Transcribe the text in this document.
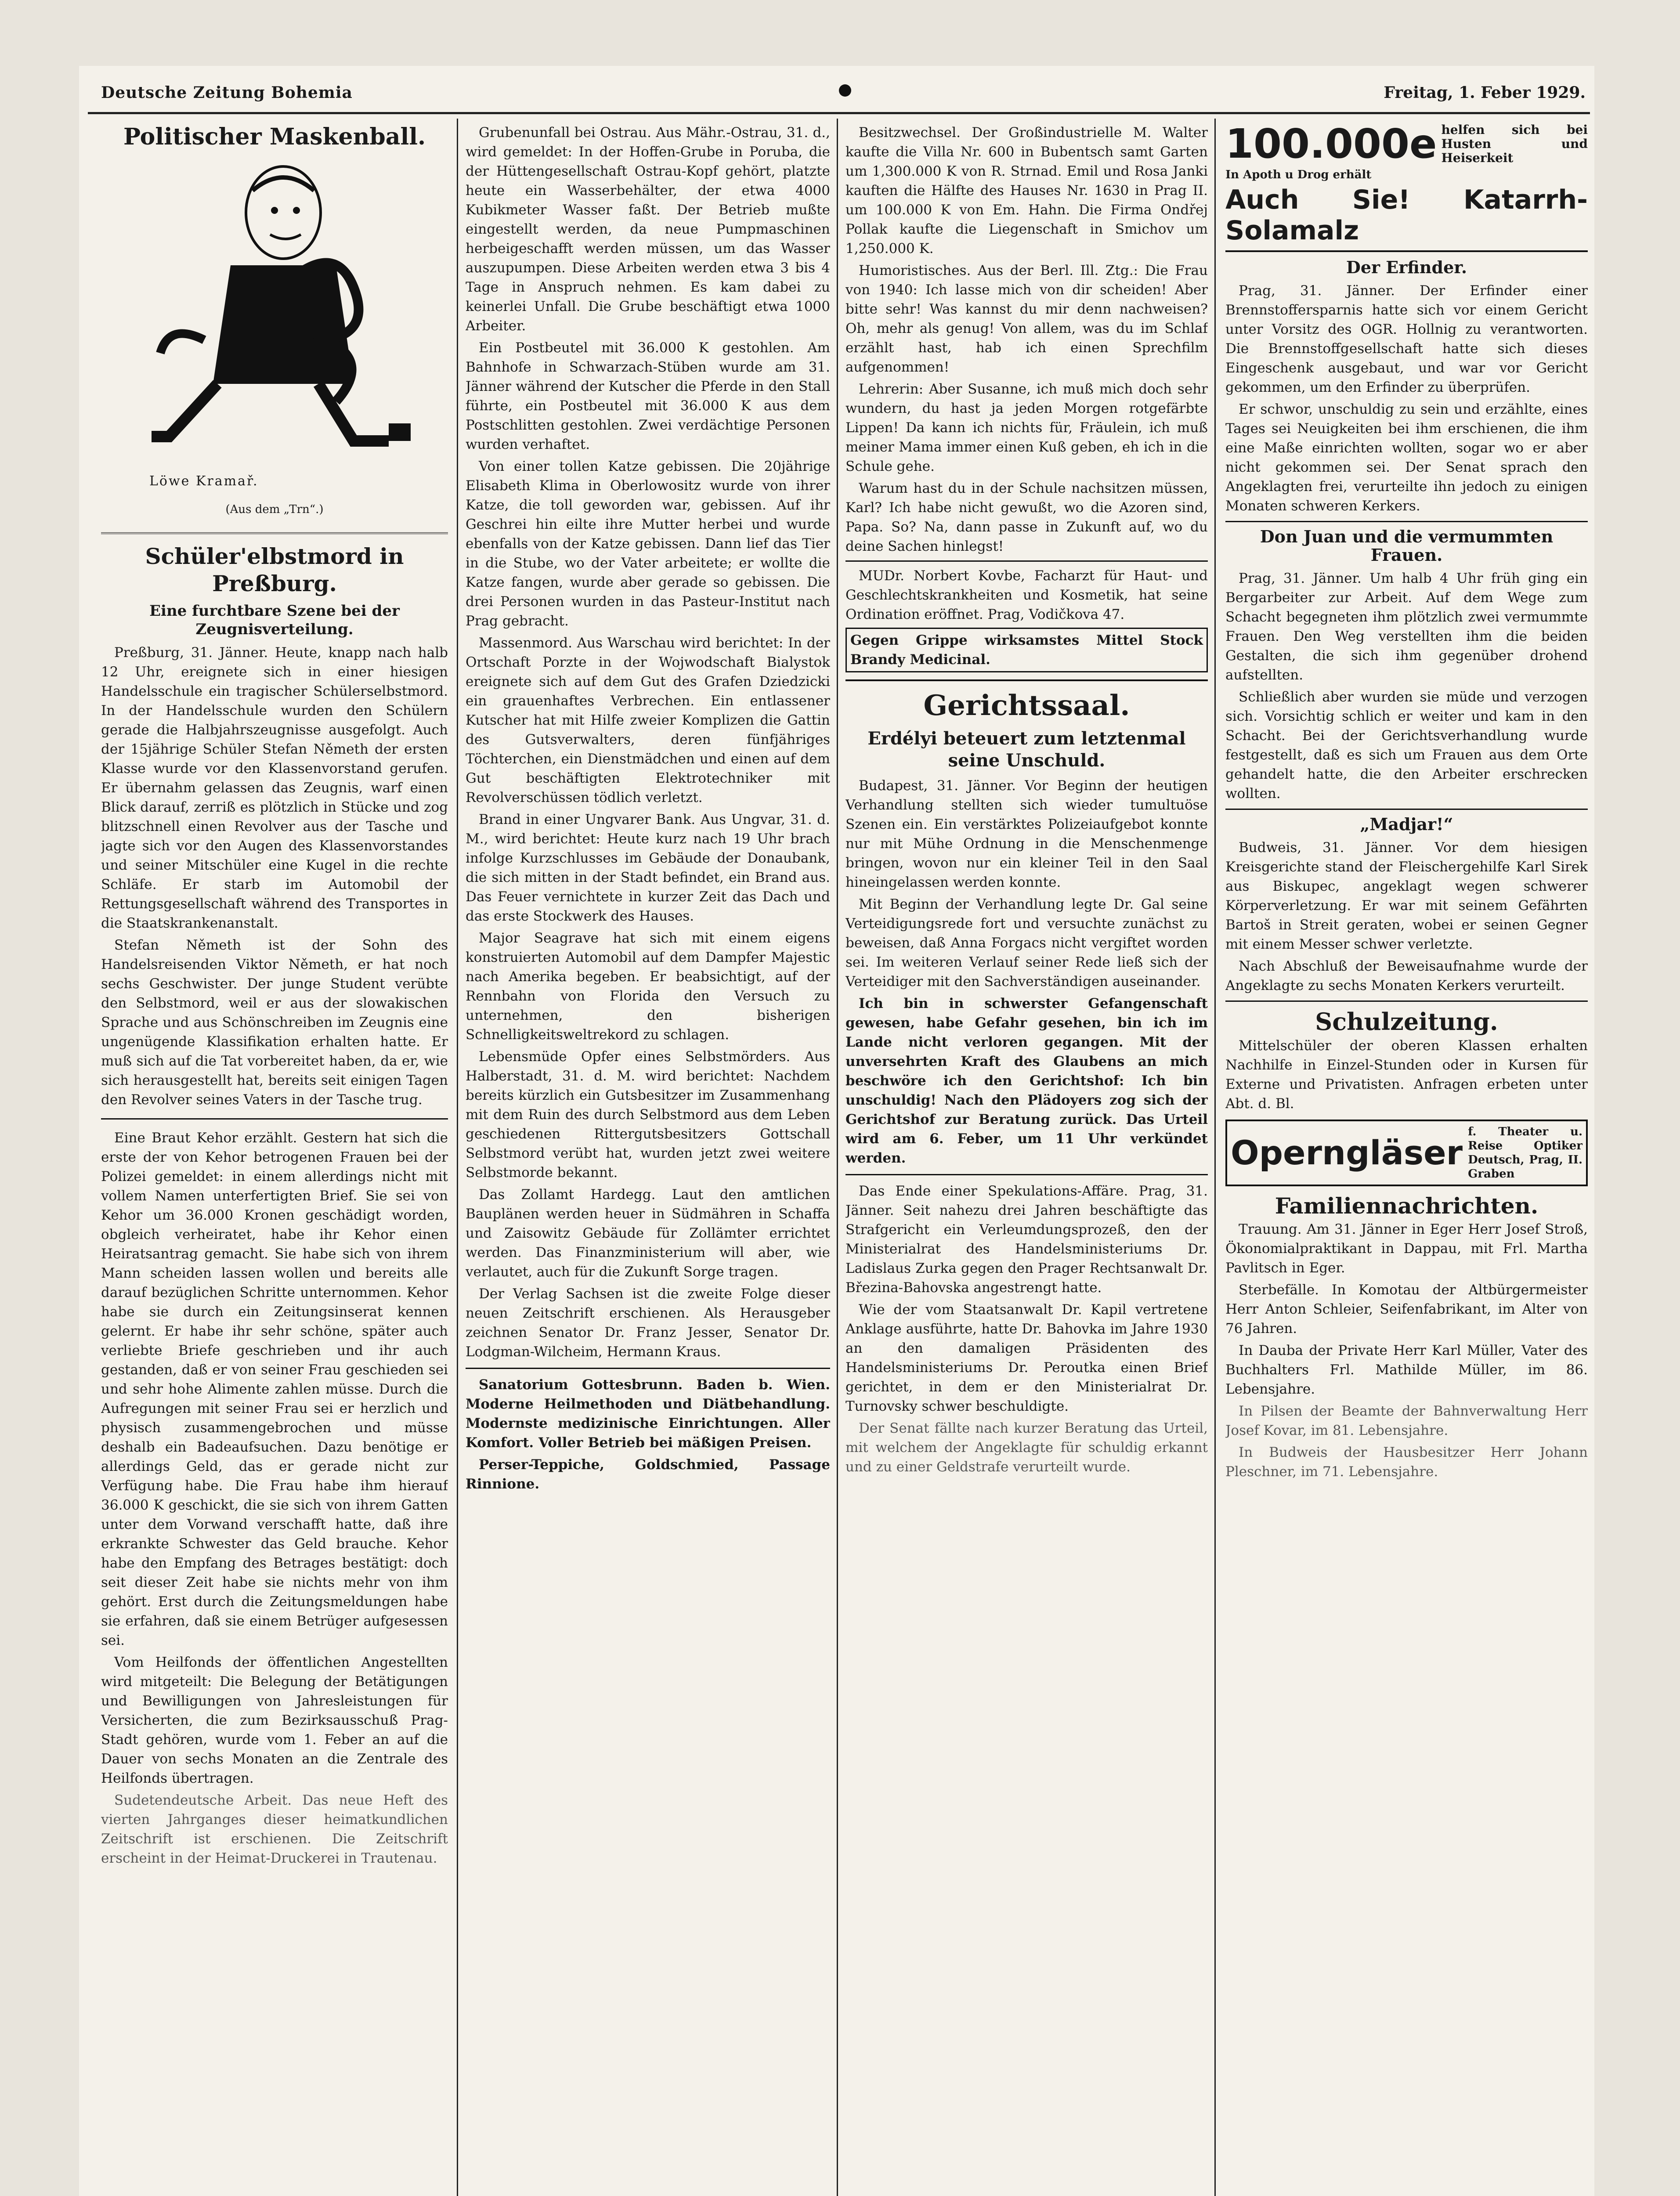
Deutsche Zeitung Bohemia	Freitag, 1. Feber 1929.
Politischer Maskenball.
Löwe Kramař.
(Aus dem „Trn“.)
Schüler'elbstmord in Preßburg.
Eine furchtbare Szene bei der Zeugnisverteilung.

Preßburg, 31. Jänner. Heute, knapp nach halb 12 Uhr, ereignete sich in einer hiesigen Handelsschule ein tragischer Schülerselbstmord. In der Handelsschule wurden den Schülern gerade die Halbjahrszeugnisse ausgefolgt. Auch der 15jährige Schüler Stefan Němeth der ersten Klasse wurde vor den Klassenvorstand gerufen. Er übernahm gelassen das Zeugnis, warf einen Blick darauf, zerriß es plötzlich in Stücke und zog blitzschnell einen Revolver aus der Tasche und jagte sich vor den Augen des Klassenvorstandes und seiner Mitschüler eine Kugel in die rechte Schläfe. Er starb im Automobil der Rettungsgesellschaft während des Transportes in die Staatskrankenanstalt.

Stefan Němeth ist der Sohn des Handelsreisenden Viktor Němeth, er hat noch sechs Geschwister. Der junge Student verübte den Selbstmord, weil er aus der slowakischen Sprache und aus Schönschreiben im Zeugnis eine ungenügende Klassifikation erhalten hatte. Er muß sich auf die Tat vorbereitet haben, da er, wie sich herausgestellt hat, bereits seit einigen Tagen den Revolver seines Vaters in der Tasche trug.

Eine Braut Kehor erzählt. Gestern hat sich die erste der von Kehor betrogenen Frauen bei der Polizei gemeldet: in einem allerdings nicht mit vollem Namen unterfertigten Brief. Sie sei von Kehor um 36.000 Kronen geschädigt worden, obgleich verheiratet, habe ihr Kehor einen Heiratsantrag gemacht. Sie habe sich von ihrem Mann scheiden lassen wollen und bereits alle darauf bezüglichen Schritte unternommen. Kehor habe sie durch ein Zeitungsinserat kennen gelernt. Er habe ihr sehr schöne, später auch verliebte Briefe geschrieben und ihr auch gestanden, daß er von seiner Frau geschieden sei und sehr hohe Alimente zahlen müsse. Durch die Aufregungen mit seiner Frau sei er herzlich und physisch zusammengebrochen und müsse deshalb ein Badeaufsuchen. Dazu benötige er allerdings Geld, das er gerade nicht zur Verfügung habe. Die Frau habe ihm hierauf 36.000 K geschickt, die sie sich von ihrem Gatten unter dem Vorwand verschafft hatte, daß ihre erkrankte Schwester das Geld brauche. Kehor habe den Empfang des Betrages bestätigt: doch seit dieser Zeit habe sie nichts mehr von ihm gehört. Erst durch die Zeitungsmeldungen habe sie erfahren, daß sie einem Betrüger aufgesessen sei.

Vom Heilfonds der öffentlichen Angestellten wird mitgeteilt: Die Belegung der Betätigungen und Bewilligungen von Jahresleistungen für Versicherten, die zum Bezirksausschuß Prag-Stadt gehören, wurde vom 1. Feber an auf die Dauer von sechs Monaten an die Zentrale des Heilfonds übertragen.

Sudetendeutsche Arbeit. Das neue Heft des vierten Jahrganges dieser heimatkundlichen Zeitschrift ist erschienen. Die Zeitschrift erscheint in der Heimat-Druckerei in Trautenau.

Grubenunfall bei Ostrau. Aus Mähr.-Ostrau, 31. d., wird gemeldet: In der Hoffen-Grube in Poruba, die der Hüttengesellschaft Ostrau-Kopf gehört, platzte heute ein Wasserbehälter, der etwa 4000 Kubikmeter Wasser faßt. Der Betrieb mußte eingestellt werden, da neue Pumpmaschinen herbeigeschafft werden müssen, um das Wasser auszupumpen. Diese Arbeiten werden etwa 3 bis 4 Tage in Anspruch nehmen. Es kam dabei zu keinerlei Unfall. Die Grube beschäftigt etwa 1000 Arbeiter.

Ein Postbeutel mit 36.000 K gestohlen. Am Bahnhofe in Schwarzach-Stüben wurde am 31. Jänner während der Kutscher die Pferde in den Stall führte, ein Postbeutel mit 36.000 K aus dem Postschlitten gestohlen. Zwei verdächtige Personen wurden verhaftet.

Von einer tollen Katze gebissen. Die 20jährige Elisabeth Klima in Oberlowositz wurde von ihrer Katze, die toll geworden war, gebissen. Auf ihr Geschrei hin eilte ihre Mutter herbei und wurde ebenfalls von der Katze gebissen. Dann lief das Tier in die Stube, wo der Vater arbeitete; er wollte die Katze fangen, wurde aber gerade so gebissen. Die drei Personen wurden in das Pasteur-Institut nach Prag gebracht.

Massenmord. Aus Warschau wird berichtet: In der Ortschaft Porzte in der Wojwodschaft Bialystok ereignete sich auf dem Gut des Grafen Dziedzicki ein grauenhaftes Verbrechen. Ein entlassener Kutscher hat mit Hilfe zweier Komplizen die Gattin des Gutsverwalters, deren fünfjähriges Töchterchen, ein Dienstmädchen und einen auf dem Gut beschäftigten Elektrotechniker mit Revolverschüssen tödlich verletzt.

Brand in einer Ungvarer Bank. Aus Ungvar, 31. d. M., wird berichtet: Heute kurz nach 19 Uhr brach infolge Kurzschlusses im Gebäude der Donaubank, die sich mitten in der Stadt befindet, ein Brand aus. Das Feuer vernichtete in kurzer Zeit das Dach und das erste Stockwerk des Hauses.

Major Seagrave hat sich mit einem eigens konstruierten Automobil auf dem Dampfer Majestic nach Amerika begeben. Er beabsichtigt, auf der Rennbahn von Florida den Versuch zu unternehmen, den bisherigen Schnelligkeitsweltrekord zu schlagen.

Lebensmüde Opfer eines Selbstmörders. Aus Halberstadt, 31. d. M. wird berichtet: Nachdem bereits kürzlich ein Gutsbesitzer im Zusammenhang mit dem Ruin des durch Selbstmord aus dem Leben geschiedenen Rittergutsbesitzers Gottschall Selbstmord verübt hat, wurden jetzt zwei weitere Selbstmorde bekannt.

Das Zollamt Hardegg. Laut den amtlichen Bauplänen werden heuer in Südmähren in Schaffa und Zaisowitz Gebäude für Zollämter errichtet werden. Das Finanzministerium will aber, wie verlautet, auch für die Zukunft Sorge tragen.

Der Verlag Sachsen ist die zweite Folge dieser neuen Zeitschrift erschienen. Als Herausgeber zeichnen Senator Dr. Franz Jesser, Senator Dr. Lodgman-Wilcheim, Hermann Kraus.

Sanatorium Gottesbrunn. Baden b. Wien. Moderne Heilmethoden und Diätbehandlung. Modernste medizinische Einrichtungen. Aller Komfort. Voller Betrieb bei mäßigen Preisen.

Perser-Teppiche, Goldschmied, Passage Rinnione.

Besitzwechsel. Der Großindustrielle M. Walter kaufte die Villa Nr. 600 in Bubentsch samt Garten um 1,300.000 K von R. Strnad. Emil und Rosa Janki kauften die Hälfte des Hauses Nr. 1630 in Prag II. um 100.000 K von Em. Hahn. Die Firma Ondřej Pollak kaufte die Liegenschaft in Smichov um 1,250.000 K.

Humoristisches. Aus der Berl. Ill. Ztg.: Die Frau von 1940: Ich lasse mich von dir scheiden! Aber bitte sehr! Was kannst du mir denn nachweisen? Oh, mehr als genug! Von allem, was du im Schlaf erzählt hast, hab ich einen Sprechfilm aufgenommen!

Lehrerin: Aber Susanne, ich muß mich doch sehr wundern, du hast ja jeden Morgen rotgefärbte Lippen! Da kann ich nichts für, Fräulein, ich muß meiner Mama immer einen Kuß geben, eh ich in die Schule gehe.

Warum hast du in der Schule nachsitzen müssen, Karl? Ich habe nicht gewußt, wo die Azoren sind, Papa. So? Na, dann passe in Zukunft auf, wo du deine Sachen hinlegst!

MUDr. Norbert Kovbe, Facharzt für Haut- und Geschlechtskrankheiten und Kosmetik, hat seine Ordination eröffnet. Prag, Vodičkova 47.

Gegen Grippe wirksamstes Mittel Stock Brandy Medicinal.
Gerichtssaal.
Erdélyi beteuert zum letztenmal seine Unschuld.

Budapest, 31. Jänner. Vor Beginn der heutigen Verhandlung stellten sich wieder tumultuöse Szenen ein. Ein verstärktes Polizeiaufgebot konnte nur mit Mühe Ordnung in die Menschenmenge bringen, wovon nur ein kleiner Teil in den Saal hineingelassen werden konnte.

Mit Beginn der Verhandlung legte Dr. Gal seine Verteidigungsrede fort und versuchte zunächst zu beweisen, daß Anna Forgacs nicht vergiftet worden sei. Im weiteren Verlauf seiner Rede ließ sich der Verteidiger mit den Sachverständigen auseinander.

Ich bin in schwerster Gefangenschaft gewesen, habe Gefahr gesehen, bin ich im Lande nicht verloren gegangen. Mit der unversehrten Kraft des Glaubens an mich beschwöre ich den Gerichtshof: Ich bin unschuldig! Nach den Plädoyers zog sich der Gerichtshof zur Beratung zurück. Das Urteil wird am 6. Feber, um 11 Uhr verkündet werden.

Das Ende einer Spekulations-Affäre. Prag, 31. Jänner. Seit nahezu drei Jahren beschäftigte das Strafgericht ein Verleumdungsprozeß, den der Ministerialrat des Handelsministeriums Dr. Ladislaus Zurka gegen den Prager Rechtsanwalt Dr. Březina-Bahovska angestrengt hatte.

Wie der vom Staatsanwalt Dr. Kapil vertretene Anklage ausführte, hatte Dr. Bahovka im Jahre 1930 an den damaligen Präsidenten des Handelsministeriums Dr. Peroutka einen Brief gerichtet, in dem er den Ministerialrat Dr. Turnovsky schwer beschuldigte.

Der Senat fällte nach kurzer Beratung das Urteil, mit welchem der Angeklagte für schuldig erkannt und zu einer Geldstrafe verurteilt wurde.

100.000e helfen sich bei Husten und Heiserkeit
In Apoth u Drog erhält
Auch Sie! Katarrh-Solamalz
Der Erfinder.

Prag, 31. Jänner. Der Erfinder einer Brennstoffersparnis hatte sich vor einem Gericht unter Vorsitz des OGR. Hollnig zu verantworten. Die Brennstoffgesellschaft hatte sich dieses Eingeschenk ausgebaut, und war vor Gericht gekommen, um den Erfinder zu überprüfen.

Er schwor, unschuldig zu sein und erzählte, eines Tages sei Neuigkeiten bei ihm erschienen, die ihm eine Maße einrichten wollten, sogar wo er aber nicht gekommen sei. Der Senat sprach den Angeklagten frei, verurteilte ihn jedoch zu einigen Monaten schweren Kerkers.

Don Juan und die vermummten Frauen.

Prag, 31. Jänner. Um halb 4 Uhr früh ging ein Bergarbeiter zur Arbeit. Auf dem Wege zum Schacht begegneten ihm plötzlich zwei vermummte Frauen. Den Weg verstellten ihm die beiden Gestalten, die sich ihm gegenüber drohend aufstellten.

Schließlich aber wurden sie müde und verzogen sich. Vorsichtig schlich er weiter und kam in den Schacht. Bei der Gerichtsverhandlung wurde festgestellt, daß es sich um Frauen aus dem Orte gehandelt hatte, die den Arbeiter erschrecken wollten.

„Madjar!“

Budweis, 31. Jänner. Vor dem hiesigen Kreisgerichte stand der Fleischergehilfe Karl Sirek aus Biskupec, angeklagt wegen schwerer Körperverletzung. Er war mit seinem Gefährten Bartoš in Streit geraten, wobei er seinen Gegner mit einem Messer schwer verletzte.

Nach Abschluß der Beweisaufnahme wurde der Angeklagte zu sechs Monaten Kerkers verurteilt.

Schulzeitung.

Mittelschüler der oberen Klassen erhalten Nachhilfe in Einzel-Stunden oder in Kursen für Externe und Privatisten. Anfragen erbeten unter Abt. d. Bl.

Operngläser
f. Theater u. Reise Optiker Deutsch, Prag, II. Graben
Familiennachrichten.

Trauung. Am 31. Jänner in Eger Herr Josef Stroß, Ökonomialpraktikant in Dappau, mit Frl. Martha Pavlitsch in Eger.

Sterbefälle. In Komotau der Altbürgermeister Herr Anton Schleier, Seifenfabrikant, im Alter von 76 Jahren.

In Dauba der Private Herr Karl Müller, Vater des Buchhalters Frl. Mathilde Müller, im 86. Lebensjahre.

In Pilsen der Beamte der Bahnverwaltung Herr Josef Kovar, im 81. Lebensjahre.

In Budweis der Hausbesitzer Herr Johann Pleschner, im 71. Lebensjahre.
